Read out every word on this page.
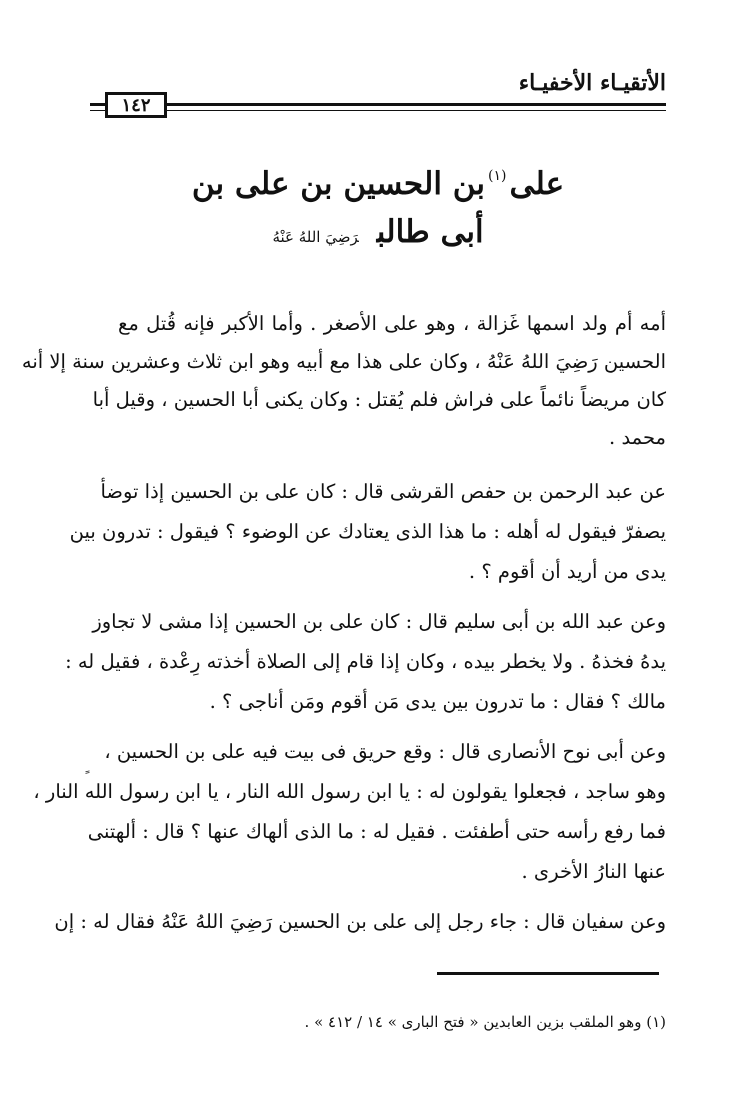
الأتقيـاء الأخفيـاء
١٤٢
على$^{(١)}$بن الحسين بن على بن
أبى طالبرَضِيَ اللهُ عَنْهُ
أمه أم ولد اسمها غَزالة ، وهو على الأصغر . وأما الأكبر فإنه قُتل مع
الحسين رَضِيَ اللهُ عَنْهُ ، وكان على هذا مع أبيه وهو ابن ثلاث وعشرين سنة إلا أنه
كان مريضاً نائماً على فراش فلم يُقتل : وكان يكنى أبا الحسين ، وقيل أبا
محمد .
عن عبد الرحمن بن حفص القرشى قال : كان على بن الحسين إذا توضأ
يصفرّ فيقول له أهله : ما هذا الذى يعتادك عن الوضوء ؟ فيقول : تدرون بين
يدى من أريد أن أقوم ؟ .
وعن عبد الله بن أبى سليم قال : كان على بن الحسين إذا مشى لا تجاوز
يدهُ فخذهُ . ولا يخطر بيده ، وكان إذا قام إلى الصلاة أخذته رِعْدة ، فقيل له :
مالك ؟ فقال : ما تدرون بين يدى مَن أقوم ومَن أناجى ؟ .
وعن أبى نوح الأنصارى قال : وقع حريق فى بيت فيه على بن الحسين ،
وهو ساجد ، فجعلوا يقولون له : يا ابن رسول الله النار ، يا ابن رسول الله النار ،
فما رفع رأسه حتى أطفئت . فقيل له : ما الذى ألهاك عنها ؟ قال : ألهتنى
عنها النارُ الأخرى .
وعن سفيان قال : جاء رجل إلى على بن الحسين رَضِيَ اللهُ عَنْهُ فقال له : إن
(١) وهو الملقب بزين العابدين « فتح البارى » ١٤ / ٤١٢ » .
